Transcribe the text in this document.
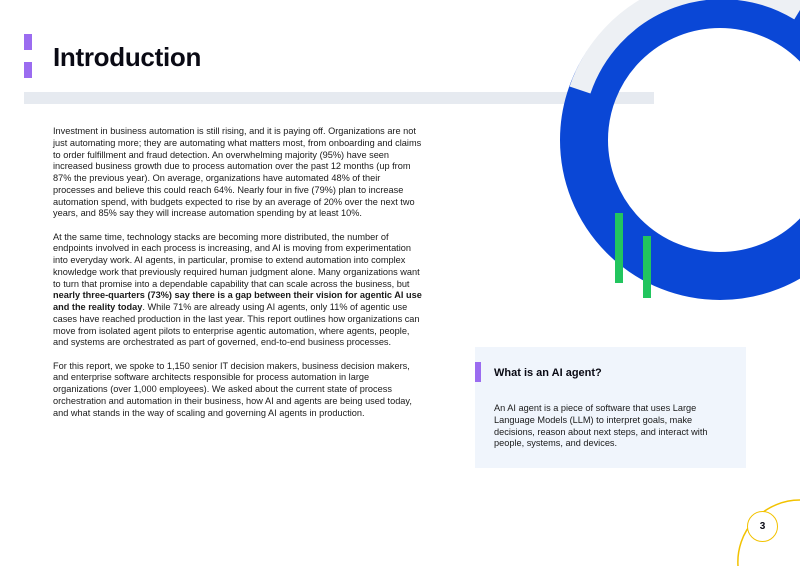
Introduction

Investment in business automation is still rising, and it is paying off. Organizations are not just automating more; they are automating what matters most, from onboarding and claims to order fulfillment and fraud detection. An overwhelming majority (95%) have seen increased business growth due to process automation over the past 12 months (up from 87% the previous year). On average, organizations have automated 48% of their processes and believe this could reach 64%. Nearly four in five (79%) plan to increase automation spend, with budgets expected to rise by an average of 20% over the next two years, and 85% say they will increase automation spending by at least 10%.

At the same time, technology stacks are becoming more distributed, the number of endpoints involved in each process is increasing, and AI is moving from experimentation into everyday work. AI agents, in particular, promise to extend automation into complex knowledge work that previously required human judgment alone. Many organizations want to turn that promise into a dependable capability that can scale across the business, but nearly three-quarters (73%) say there is a gap between their vision for agentic AI use and the reality today. While 71% are already using AI agents, only 11% of agentic use cases have reached production in the last year. This report outlines how organizations can move from isolated agent pilots to enterprise agentic automation, where agents, people, and systems are orchestrated as part of governed, end-to-end business processes.

For this report, we spoke to 1,150 senior IT decision makers, business decision makers, and enterprise software architects responsible for process automation in large organizations (over 1,000 employees). We asked about the current state of process orchestration and automation in their business, how AI and agents are being used today, and what stands in the way of scaling and governing AI agents in production.

What is an AI agent?

An AI agent is a piece of software that uses Large Language Models (LLM) to interpret goals, make decisions, reason about next steps, and interact with people, systems, and devices.

3
